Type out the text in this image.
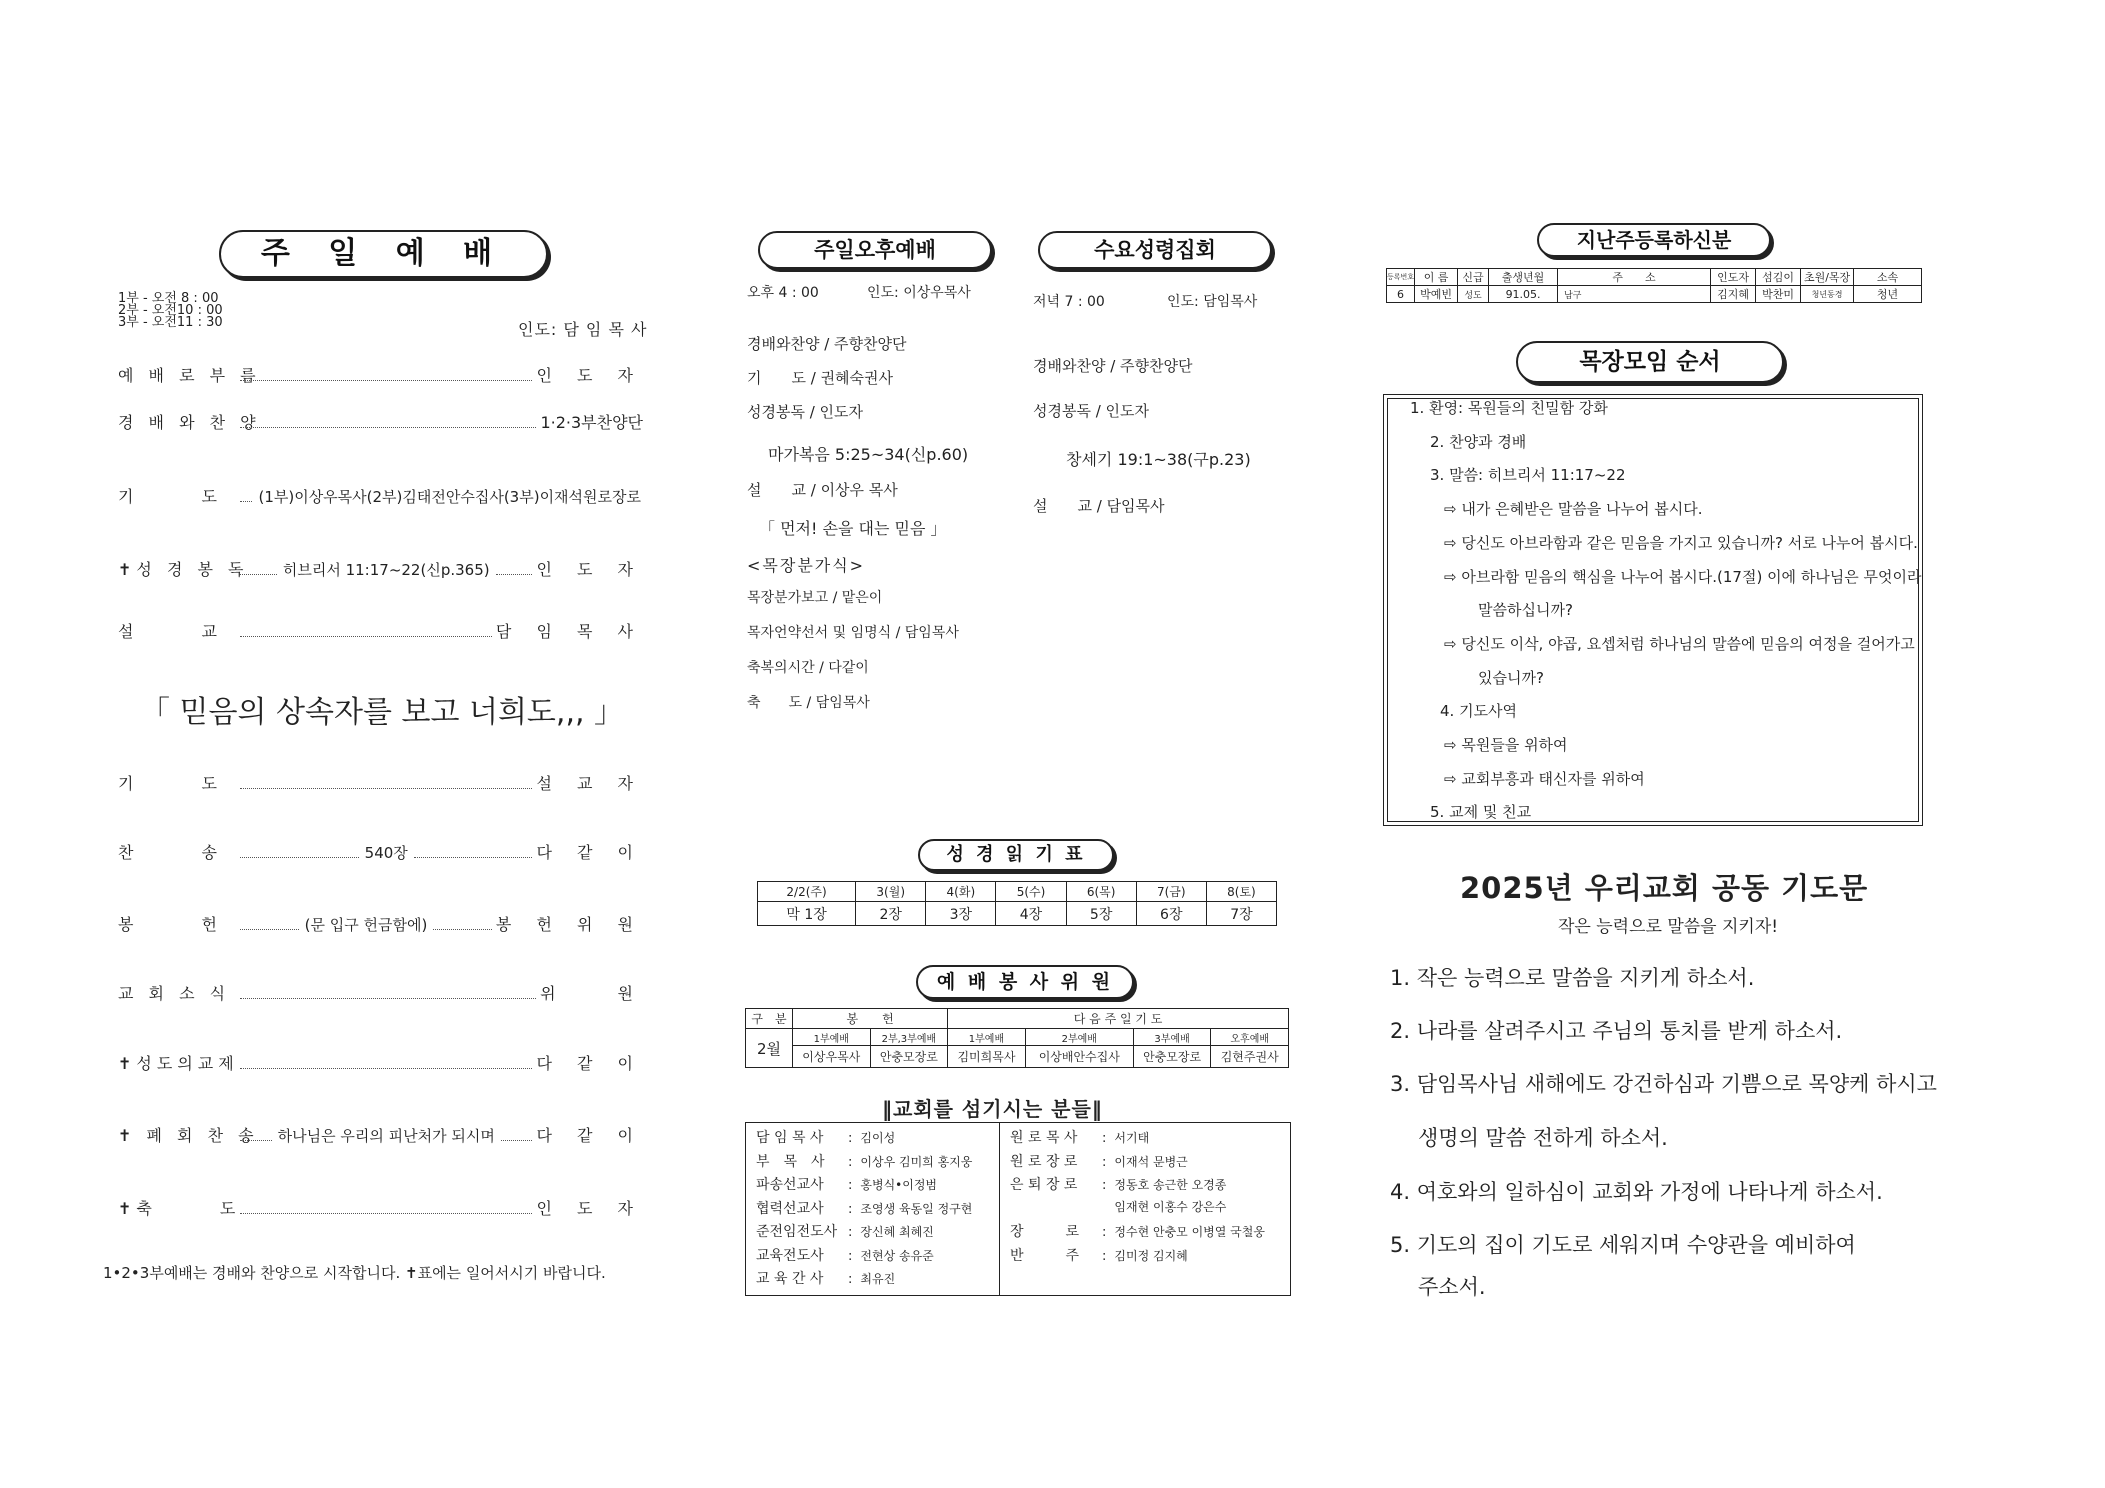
주 일 예 배
1부 - 오전 8 : 00
2부 - 오전10 : 00
3부 - 오전11 : 30	인도: 담 임 목 사
예 배 로 부 름	인 도 자
경 배 와 찬 양	1·2·3부찬양단
기　　　도	(1부)이상우목사(2부)김태전안수집사(3부)이재석원로장로
✝성 경 봉 독 히브리서 11:17~22(신p.365)	인 도 자
설　　　교	담 임 목 사
기　　　도	설 교 자
찬　　　송	540장	다 같 이
봉　　　헌	(문 입구 헌금함에)	봉 헌 위 원
교 회 소 식	위　　원
✝성도의교제	다 같 이
✝ 폐 회 찬 송 하나님은 우리의 피난처가 되시며	다 같 이
✝축　　　도	인 도 자
「 믿음의 상속자를 보고 너희도,,, 」
1•2•3부예배는 경배와 찬양으로 시작합니다. ✝표에는 일어서시기 바랍니다.
주일오후예배
오후 4 : 00	인도: 이상우목사
경배와찬양 / 주향찬양단
기　　도 / 권혜숙권사
성경봉독 / 인도자
마가복음 5:25~34(신p.60)
설　　교 / 이상우 목사
「 먼저! 손을 대는 믿음 」
<목장분가식>
목장분가보고 / 맡은이
목자언약선서 및 임명식 / 담임목사
축복의시간 / 다같이
축　　도 / 담임목사
수요성령집회
저녁 7 : 00	인도: 담임목사
경배와찬양 / 주향찬양단
성경봉독 / 인도자
창세기 19:1~38(구p.23)
설　　교 / 담임목사
성 경 읽 기 표
2/2(주)	3(월)	4(화)	5(수)	6(목)	7(금)	8(토)
막 1장	2장	3장	4장	5장	6장	7장
예 배 봉 사 위 원
구　분	봉　　헌		다 음 주 일 기 도			
2월	1부예배	2부,3부예배	1부예배	2부예배	3부예배	오후예배
	이상우목사	안충모장로	김미희목사	이상배안수집사	안충모장로	김현주권사
‖교회를 섬기시는 분들‖
담 임 목 사 : 김이성
부　목　사 : 이상우 김미희 홍지웅
파송선교사 : 홍병식•이정범
협력선교사 : 조영생 육동일 정구현
준전임전도사 : 장신혜 최혜진
교육전도사 : 전현상 송유준
교 육 간 사 : 최유진
원 로 목 사 : 서기태
원 로 장 로 : 이재석 문병근
은 퇴 장 로 : 정동호 송근한 오경종
임재현 이홍수 강은수
장　　　로 : 정수현 안충모 이병열 국철웅
반　　　주 : 김미정 김지혜
지난주등록하신분
등록번호	이 름	신급	출생년월	주　　소	인도자	섬김이	초원/목장	소속
6	박예빈	성도	91.05.	남구	김지혜	박찬미	청년동경	청년
목장모임 순서
1. 환영: 목원들의 친밀함 강화
2. 찬양과 경배
3. 말씀: 히브리서 11:17~22
⇨ 내가 은혜받은 말씀을 나누어 봅시다.
⇨ 당신도 아브라함과 같은 믿음을 가지고 있습니까? 서로 나누어 봅시다.
⇨ 아브라함 믿음의 핵심을 나누어 봅시다.(17절) 이에 하나님은 무엇이라
말씀하십니까?
⇨ 당신도 이삭, 야곱, 요셉처럼 하나님의 말씀에 믿음의 여정을 걸어가고
있습니까?
4. 기도사역
⇨ 목원들을 위하여
⇨ 교회부흥과 태신자를 위하여
5. 교제 및 친교
2025년 우리교회 공동 기도문
작은 능력으로 말씀을 지키자!
1. 작은 능력으로 말씀을 지키게 하소서.
2. 나라를 살려주시고 주님의 통치를 받게 하소서.
3. 담임목사님 새해에도 강건하심과 기쁨으로 목양케 하시고
생명의 말씀 전하게 하소서.
4. 여호와의 일하심이 교회와 가정에 나타나게 하소서.
5. 기도의 집이 기도로 세워지며 수양관을 예비하여
주소서.
